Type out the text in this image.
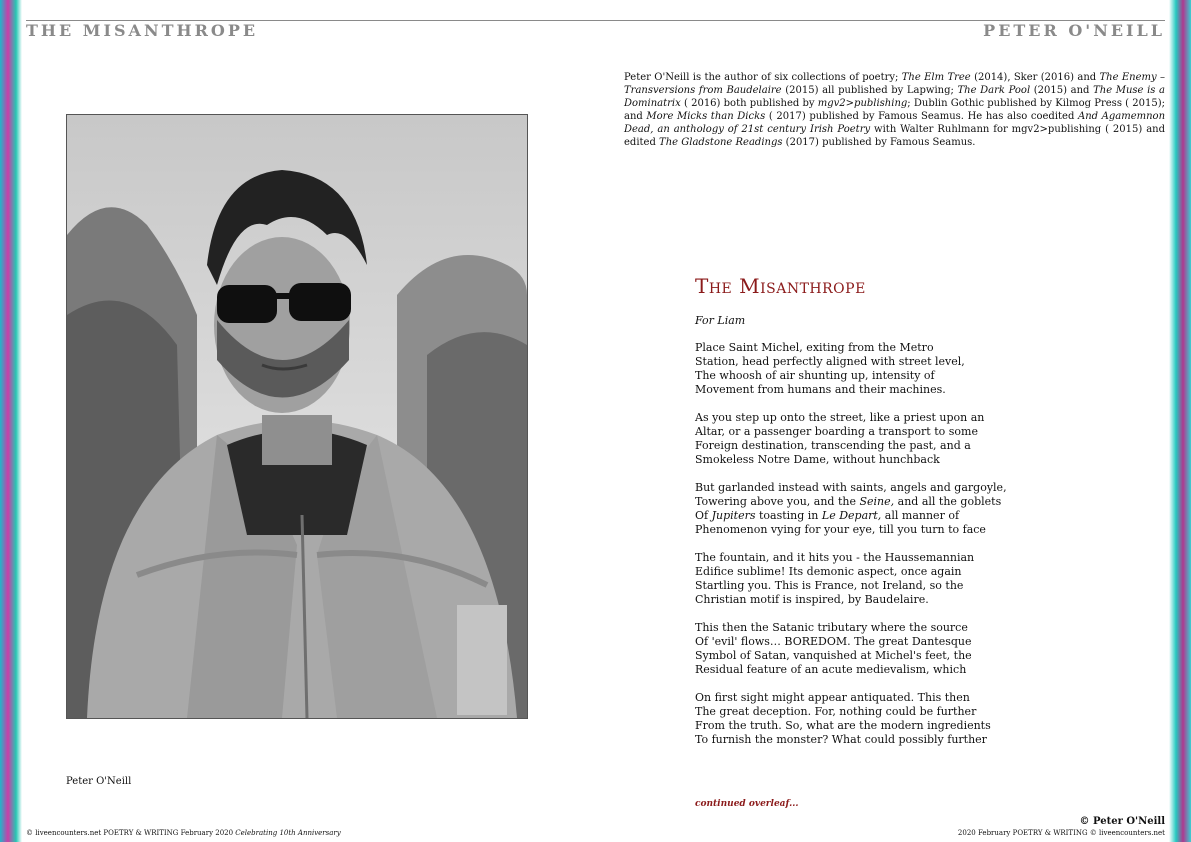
THE MISANTHROPE	PETER O'NEILL
Peter O'Neill
Peter O'Neill is the author of six collections of poetry; The Elm Tree (2014), Sker (2016) and The Enemy – Transversions from Baudelaire (2015) all published by Lapwing; The Dark Pool (2015) and The Muse is a Dominatrix ( 2016) both published by mgv2>publishing; Dublin Gothic published by Kilmog Press ( 2015); and More Micks than Dicks ( 2017) published by Famous Seamus. He has also coedited And Agamemnon Dead, an anthology of 21st century Irish Poetry with Walter Ruhlmann for mgv2>publishing ( 2015) and edited The Gladstone Readings (2017) published by Famous Seamus.
The Misanthrope
For Liam
Place Saint Michel, exiting from the Metro
Station, head perfectly aligned with street level,
The whoosh of air shunting up, intensity of
Movement from humans and their machines.
As you step up onto the street, like a priest upon an
Altar, or a passenger boarding a transport to some
Foreign destination, transcending the past, and a
Smokeless Notre Dame, without hunchback
But garlanded instead with saints, angels and gargoyle,
Towering above you, and the Seine, and all the goblets
Of Jupiters toasting in Le Depart, all manner of
Phenomenon vying for your eye, till you turn to face
The fountain, and it hits you - the Haussemannian
Edifice sublime! Its demonic aspect, once again
Startling you. This is France, not Ireland, so the
Christian motif is inspired, by Baudelaire.
This then the Satanic tributary where the source
Of 'evil' flows… BOREDOM. The great Dantesque
Symbol of Satan, vanquished at Michel's feet, the
Residual feature of an acute medievalism, which
On first sight might appear antiquated. This then
The great deception. For, nothing could be further
From the truth. So, what are the modern ingredients
To furnish the monster? What could possibly further
continued overleaf...
© Peter O'Neill
© liveencounters.net POETRY & WRITING February 2020 Celebrating 10th Anniversary	2020 February POETRY & WRITING © liveencounters.net
